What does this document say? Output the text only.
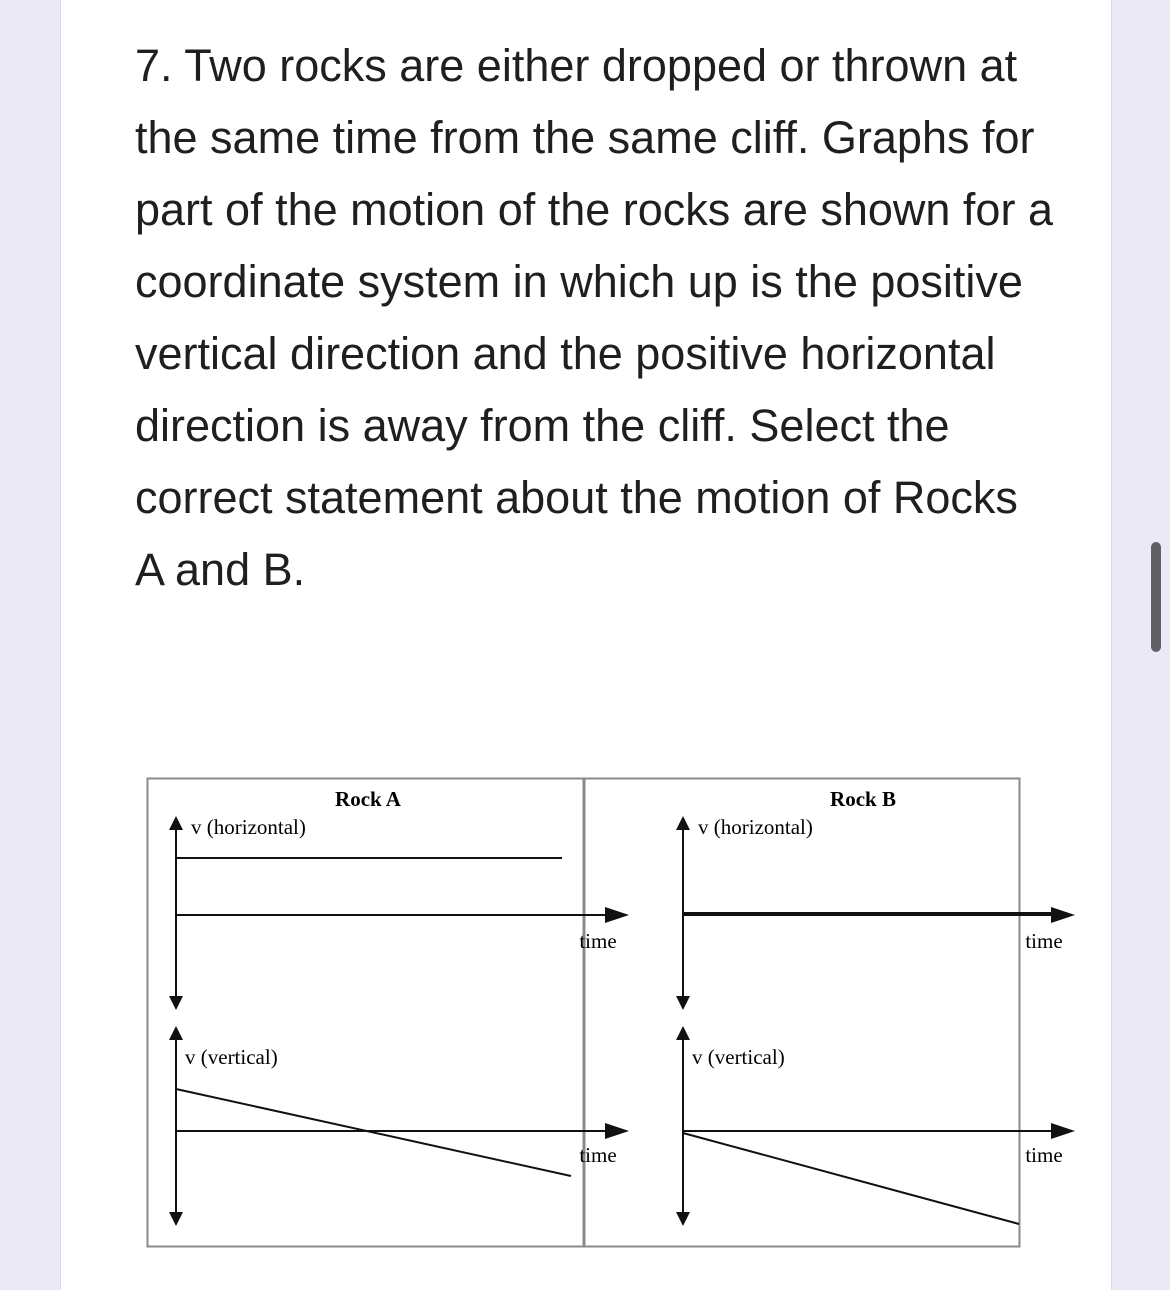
7. Two rocks are either dropped or thrown at the same time from the same cliff. Graphs for part of the motion of the rocks are shown for a coordinate system in which up is the positive vertical direction and the positive horizontal direction is away from the cliff. Select the correct statement about the motion of Rocks A and B.

Rock A
v (horizontal)
time
v (vertical)
time
Rock B
v (horizontal)
time
v (vertical)
time
